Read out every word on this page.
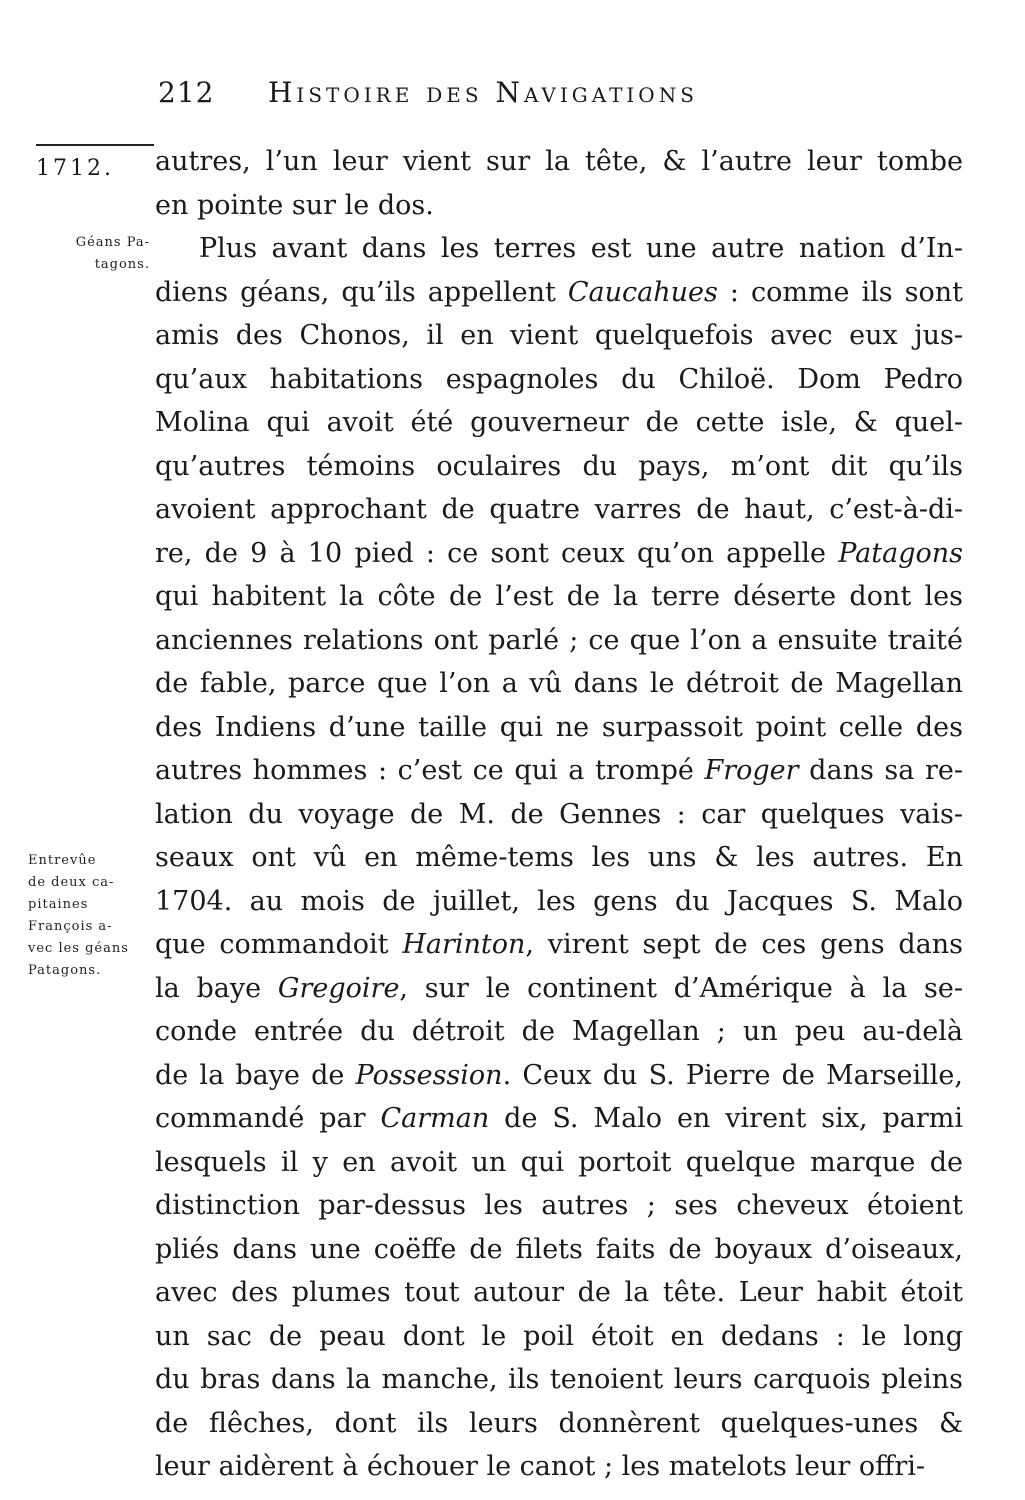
212 Histoire des Navigations
1712.
Géans Pa-
tagons.
Entrevûe
de deux ca-
pitaines
François a-
vec les géans
Patagons.
autres, l’un leur vient sur la tête, & l’autre leur tombe
en pointe sur le dos.
Plus avant dans les terres est une autre nation d’In-
diens géans, qu’ils appellent Caucahues : comme ils sont
amis des Chonos, il en vient quelquefois avec eux jus-
qu’aux habitations espagnoles du Chiloë. Dom Pedro
Molina qui avoit été gouverneur de cette isle, & quel-
qu’autres témoins oculaires du pays, m’ont dit qu’ils
avoient approchant de quatre varres de haut, c’est-à-di-
re, de 9 à 10 pied : ce sont ceux qu’on appelle Patagons
qui habitent la côte de l’est de la terre déserte dont les
anciennes relations ont parlé ; ce que l’on a ensuite traité
de fable, parce que l’on a vû dans le détroit de Magellan
des Indiens d’une taille qui ne surpassoit point celle des
autres hommes : c’est ce qui a trompé Froger dans sa re-
lation du voyage de M. de Gennes : car quelques vais-
seaux ont vû en même-tems les uns & les autres. En
1704. au mois de juillet, les gens du Jacques S. Malo
que commandoit Harinton, virent sept de ces gens dans
la baye Gregoire, sur le continent d’Amérique à la se-
conde entrée du détroit de Magellan ; un peu au-delà
de la baye de Possession. Ceux du S. Pierre de Marseille,
commandé par Carman de S. Malo en virent six, parmi
lesquels il y en avoit un qui portoit quelque marque de
distinction par-dessus les autres ; ses cheveux étoient
pliés dans une coëffe de filets faits de boyaux d’oiseaux,
avec des plumes tout autour de la tête. Leur habit étoit
un sac de peau dont le poil étoit en dedans : le long
du bras dans la manche, ils tenoient leurs carquois pleins
de flêches, dont ils leurs donnèrent quelques-unes &
leur aidèrent à échouer le canot ; les matelots leur offri-
